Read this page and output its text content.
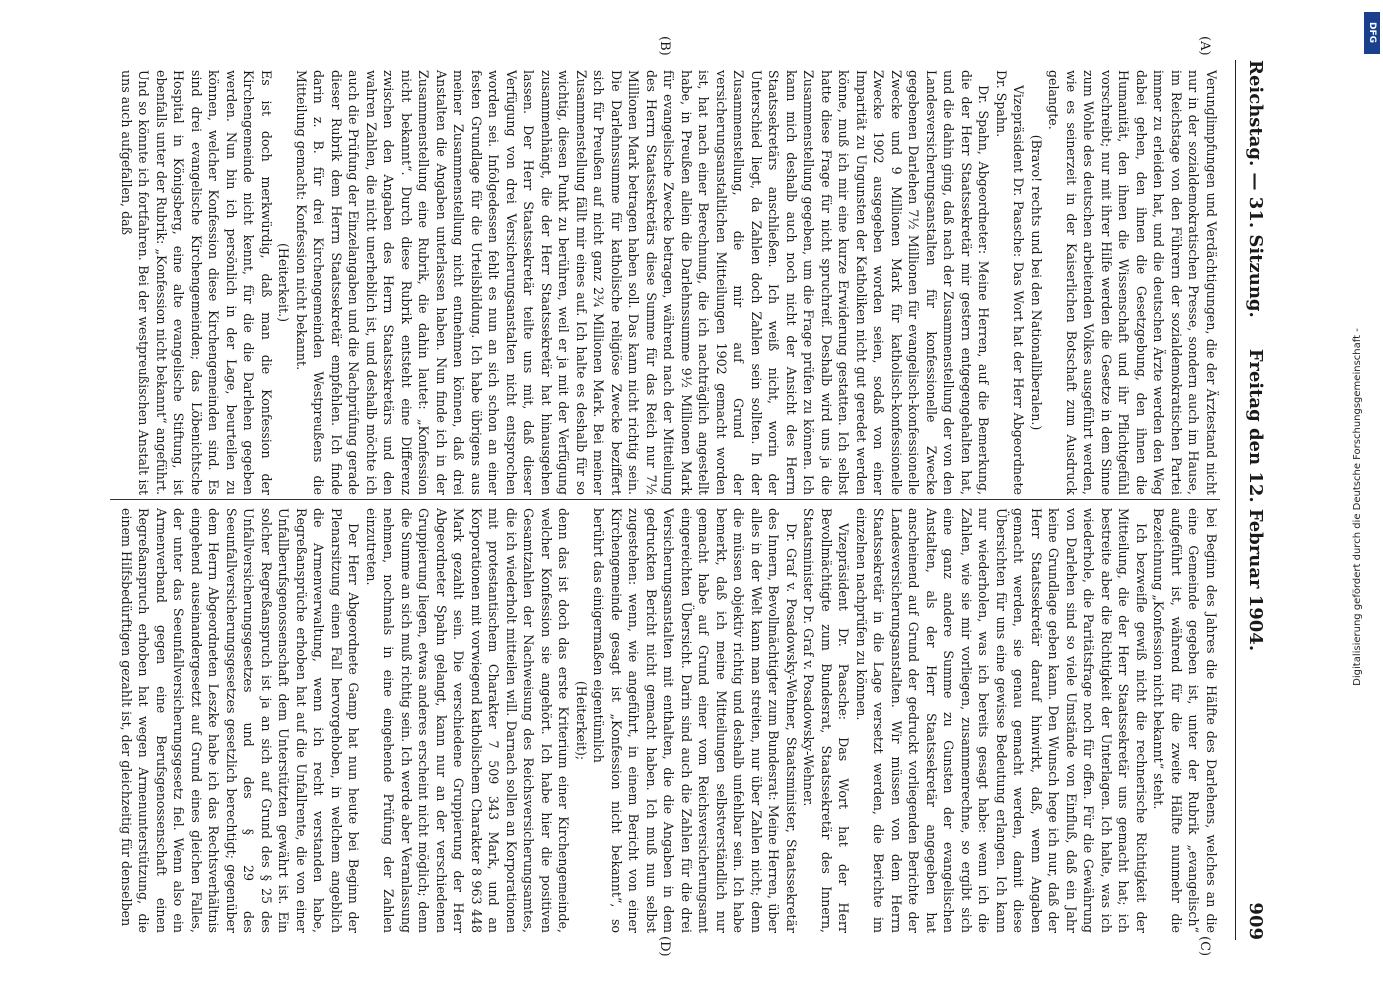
Reichstag. — 31. Sitzung.
Freitag den 12. Februar 1904.
909
(A)
(B)
(C)
(D)

Verunglimpfungen und Verdächtigungen, die der Ärztestand nicht nur in der sozialdemokratischen Presse, sondern auch im Hause, im Reichstage von den Führern der sozialdemokratischen Partei immer zu erleiden hat, und die deutschen Ärzte werden den Weg dabei gehen, den ihnen die Gesetzgebung, den ihnen die Humanität, den ihnen die Wissenschaft und ihr Pflichtgefühl vorschreibt; nur mit ihrer Hilfe werden die Gesetze in dem Sinne zum Wohle des deutschen arbeitenden Volkes ausgeführt werden, wie es seinerzeit in der Kaiserlichen Botschaft zum Ausdruck gelangte.

(Bravo! rechts und bei den Nationalliberalen.)

Vizepräsident Dr. Paasche: Das Wort hat der Herr Abgeordnete Dr. Spahn.

Dr. Spahn, Abgeordneter: Meine Herren, auf die Bemerkung, die der Herr Staatssekretär mir gestern entgegengehalten hat, und die dahin ging, daß nach der Zusammenstellung der von den Landesversicherungsanstalten für konfessionelle Zwecke gegebenen Darlehen 7½ Millionen für evangelisch-konfessionelle Zwecke und 9 Millionen Mark für katholisch-konfessionelle Zwecke 1902 ausgegeben worden seien, sodaß von einer Imparität zu Ungunsten der Katholiken nicht gut geredet werden könne, muß ich mir eine kurze Erwiderung gestatten. Ich selbst hatte diese Frage für nicht spruchreif. Deshalb wird uns ja die Zusammenstellung gegeben, um die Frage prüfen zu können. Ich kann mich deshalb auch noch nicht der Ansicht des Herrn Staatssekretärs anschließen. Ich weiß nicht, worin der Unterschied liegt, da Zahlen doch Zahlen sein sollten. In der Zusammenstellung, die mir auf Grund der versicherungsanstaltlichen Mitteilungen 1902 gemacht worden ist, hat nach einer Berechnung, die ich nachträglich angestellt habe, in Preußen allein die Darlehnssumme 9½ Millionen Mark für evangelische Zwecke betragen, während nach der Mitteilung des Herrn Staatssekretärs diese Summe für das Reich nur 7½ Millionen Mark betragen haben soll. Das kann nicht richtig sein. Die Darlehnssumme für katholische religiöse Zwecke beziffert sich für Preußen auf nicht ganz 2¾ Millionen Mark. Bei meiner Zusammenstellung fällt mir eines auf. Ich halte es deshalb für so wichtig, diesen Punkt zu berühren, weil er ja mit der Verfügung zusammenhängt, die der Herr Staatssekretär hat hinausgehen lassen. Der Herr Staatssekretär teilte uns mit, daß dieser Verfügung von drei Versicherungsanstalten nicht entsprochen worden sei. Infolgedessen fehlt es nun an sich schon an einer festen Grundlage für die Urteilsbildung. Ich habe übrigens aus meiner Zusammenstellung nicht entnehmen können, daß drei Anstalten die Angaben unterlassen haben. Nun finde ich in der Zusammenstellung eine Rubrik, die dahin lautet: „Konfession nicht bekannt“. Durch diese Rubrik entsteht eine Differenz zwischen den Angaben des Herrn Staatssekretärs und den wahren Zahlen, die nicht unerheblich ist, und deshalb möchte ich auch die Prüfung der Einzelangaben und die Nachprüfung gerade dieser Rubrik dem Herrn Staatssekretär empfehlen. Ich finde darin z. B. für drei Kirchengemeinden Westpreußens die Mitteilung gemacht: Konfession nicht bekannt.

(Heiterkeit.)

Es ist doch merkwürdig, daß man die Konfession der Kirchengemeinde nicht kennt, für die die Darlehen gegeben werden. Nun bin ich persönlich in der Lage, beurteilen zu können, welcher Konfession diese Kirchengemeinden sind. Es sind drei evangelische Kirchengemeinden; das Löbenichtsche Hospital in Königsberg, eine alte evangelische Stiftung, ist ebenfalls unter der Rubrik: „Konfession nicht bekannt“ angeführt. Und so könnte ich fortfahren. Bei der westpreußischen Anstalt ist uns auch aufgefallen, daß

bei Beginn des Jahres die Hälfte des Darlehens, welches an die eine Gemeinde gegeben ist, unter der Rubrik „evangelisch“ aufgeführt ist, während für die zweite Hälfte nunmehr die Bezeichnung „Konfession nicht bekannt“ steht.

Ich bezweifle gewiß nicht die rechnerische Richtigkeit der Mitteilung, die der Herr Staatssekretär uns gemacht hat; ich bestreite aber die Richtigkeit der Unterlagen. Ich halte, was ich wiederhole, die Paritätsfrage noch für offen. Für die Gewährung von Darlehen sind so viele Umstände von Einfluß, daß ein Jahr keine Grundlage geben kann. Den Wunsch hege ich nur, daß der Herr Staatssekretär darauf hinwirkt, daß, wenn Angaben gemacht werden, sie genau gemacht werden, damit diese Übersichten für uns eine gewisse Bedeutung erlangen. Ich kann nur wiederholen, was ich bereits gesagt habe: wenn ich die Zahlen, wie sie mir vorliegen, zusammenrechne, so ergibt sich eine ganz andere Summe zu Gunsten der evangelischen Anstalten, als der Herr Staatssekretär angegeben hat anscheinend auf Grund der gedruckt vorliegenden Berichte der Landesversicherungsanstalten. Wir müssen von dem Herrn Staatssekretär in die Lage versetzt werden, die Berichte im einzelnen nachprüfen zu können.

Vizepräsident Dr. Paasche: Das Wort hat der Herr Bevollmächtigte zum Bundesrat, Staatssekretär des Innern, Staatsminister Dr. Graf v. Posadowsky-Wehner.

Dr. Graf v. Posadowsky-Wehner, Staatsminister, Staatssekretär des Innern, Bevollmächtigter zum Bundesrat: Meine Herren, über alles in der Welt kann man streiten, nur über Zahlen nicht; denn die müssen objektiv richtig und deshalb unfehlbar sein. Ich habe bemerkt, daß ich meine Mitteilungen selbstverständlich nur gemacht habe auf Grund einer vom Reichsversicherungsamt eingereichten Übersicht. Darin sind auch die Zahlen für die drei Versicherungsanstalten mit enthalten, die die Angaben in dem gedruckten Bericht nicht gemacht haben. Ich muß nun selbst zugestehen: wenn, wie angeführt, in einem Bericht von einer Kirchengemeinde gesagt ist „Konfession nicht bekannt“, so berührt das einigermaßen eigentümlich

(Heiterkeit);

denn das ist doch das erste Kriterium einer Kirchengemeinde, welcher Konfession sie angehört. Ich habe hier die positiven Gesamtzahlen der Nachweisung des Reichsversicherungsamtes, die ich wiederholt mitteilen will. Darnach sollen an Korporationen mit protestantischem Charakter 7 509 343 Mark, und an Korporationen mit vorwiegend katholischem Charakter 8 963 448 Mark gezahlt sein. Die verschiedene Gruppierung der Herr Abgeordneter Spahn gelangt, kann nur an der verschiedenen Gruppierung liegen, etwas anderes erscheint nicht möglich; denn die Summe an sich muß richtig sein. Ich werde aber Veranlassung nehmen, nochmals in eine eingehende Prüfung der Zahlen einzutreten.

Der Herr Abgeordnete Gamp hat nun heute bei Beginn der Plenarsitzung einen Fall hervorgehoben, in welchem angeblich die Armenverwaltung, wenn ich recht verstanden habe, Regreßansprüche erhoben hat auf die Unfallrente, die von einer Unfallberufsgenossenschaft dem Unterstützten gewährt ist. Ein solcher Regreßanspruch ist ja an sich auf Grund des § 25 des Unfallversicherungsgesetzes und des § 29 des Seeunfallversicherungsgesetzes gesetzlich berechtigt; gegenüber dem Herrn Abgeordneten Leszke habe ich das Rechtsverhältnis eingehend auseinandergesetzt auf Grund eines gleichen Falles, der unter das Seeunfallversicherungsgesetz fiel. Wenn also ein Armenverband gegen eine Berufsgenossenschaft einen Regreßanspruch erhoben hat wegen Armenunterstützung, die einem Hilfsbedürftigen gezahlt ist, der gleichzeitig für denselben

Digitalisierung gefördert durch die Deutsche Forschungsgemeinschaft -
DFG
